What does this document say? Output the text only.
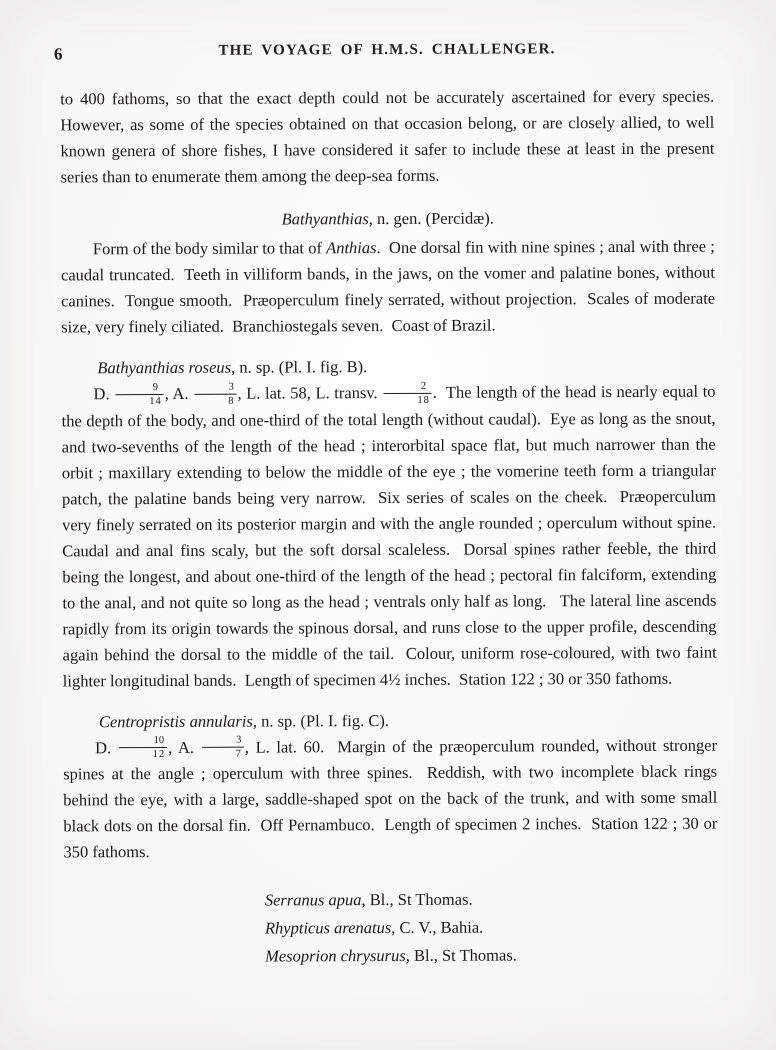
6	THE VOYAGE OF H.M.S. CHALLENGER.

to 400 fathoms, so that the exact depth could not be accurately ascertained for every species.  However, as some of the species obtained on that occasion belong, or are closely allied, to well known genera of shore fishes, I have considered it safer to include these at least in the present series than to enumerate them among the deep-sea forms.

Bathyanthias, n. gen. (Percidæ).

Form of the body similar to that of Anthias.  One dorsal fin with nine spines ; anal with three ; caudal truncated.  Teeth in villiform bands, in the jaws, on the vomer and palatine bones, without canines.  Tongue smooth.  Præoperculum finely serrated, without projection.  Scales of moderate size, very finely ciliated.  Branchiostegals seven.  Coast of Brazil.

Bathyanthias roseus, n. sp. (Pl. I. fig. B).

D. $\frac{9}{14}$ , A. $\frac{3}{8}$ , L. lat. 58, L. transv. $\frac{2}{18}$ .  The length of the head is nearly equal to the depth of the body, and one-third of the total length (without caudal).  Eye as long as the snout, and two-sevenths of the length of the head ; interorbital space flat, but much narrower than the orbit ; maxillary extending to below the middle of the eye ; the vomerine teeth form a triangular patch, the palatine bands being very narrow.  Six series of scales on the cheek.  Præoperculum very finely serrated on its posterior margin and with the angle rounded ; operculum without spine.   Caudal and anal fins scaly, but the soft dorsal scaleless.  Dorsal spines rather feeble, the third being the longest, and about one-third of the length of the head ; pectoral fin falciform, extending to the anal, and not quite so long as the head ; ventrals only half as long.   The lateral line ascends rapidly from its origin towards the spinous dorsal, and runs close to the upper profile, descending again behind the dorsal to the middle of the tail.  Colour, uniform rose-coloured, with two faint lighter longitudinal bands.  Length of specimen 4½ inches.  Station 122 ; 30 or 350 fathoms.

Centropristis annularis, n. sp. (Pl. I. fig. C).

D. $\frac{10}{12}$ , A. $\frac{3}{7}$ , L. lat. 60.  Margin of the præoperculum rounded, without stronger spines at the angle ; operculum with three spines.  Reddish, with two incomplete black rings behind the eye, with a large, saddle-shaped spot on the back of the trunk, and with some small black dots on the dorsal fin.  Off Pernambuco.  Length of specimen 2 inches.  Station 122 ; 30 or 350 fathoms.

Serranus apua, Bl., St Thomas.
Rhypticus arenatus, C. V., Bahia.
Mesoprion chrysurus, Bl., St Thomas.
